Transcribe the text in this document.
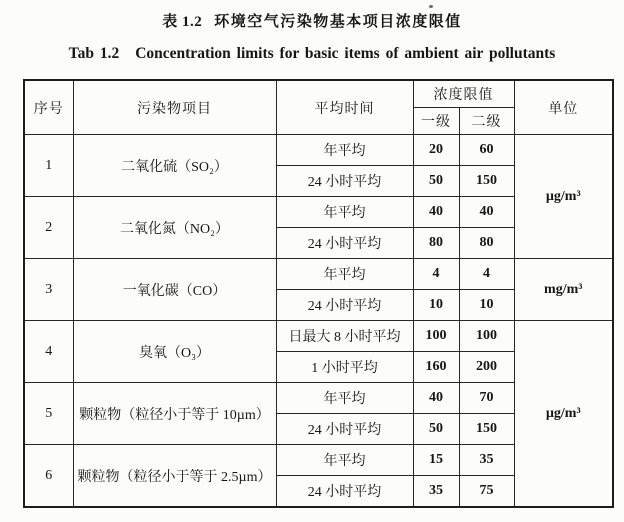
表 1.2 环境空气污染物基本项目浓度限值
Tab 1.2 Concentration limits for basic items of ambient air pollutants
序号	污染物项目	平均时间	浓度限值		单位
			一级	二级	
1	二氧化硫（SO₂）	年平均	20	60	µg/m³
		24 小时平均	50	150	
2	二氧化氮（NO₂）	年平均	40	40	
		24 小时平均	80	80	
3	一氧化碳（CO）	年平均	4	4	mg/m³
		24 小时平均	10	10	
4	臭氧（O₃）	日最大 8 小时平均	100	100	µg/m³
		1 小时平均	160	200	
5	颗粒物（粒径小于等于 10µm）	年平均	40	70	
		24 小时平均	50	150	
6	颗粒物（粒径小于等于 2.5µm）	年平均	15	35	
		24 小时平均	35	75	
